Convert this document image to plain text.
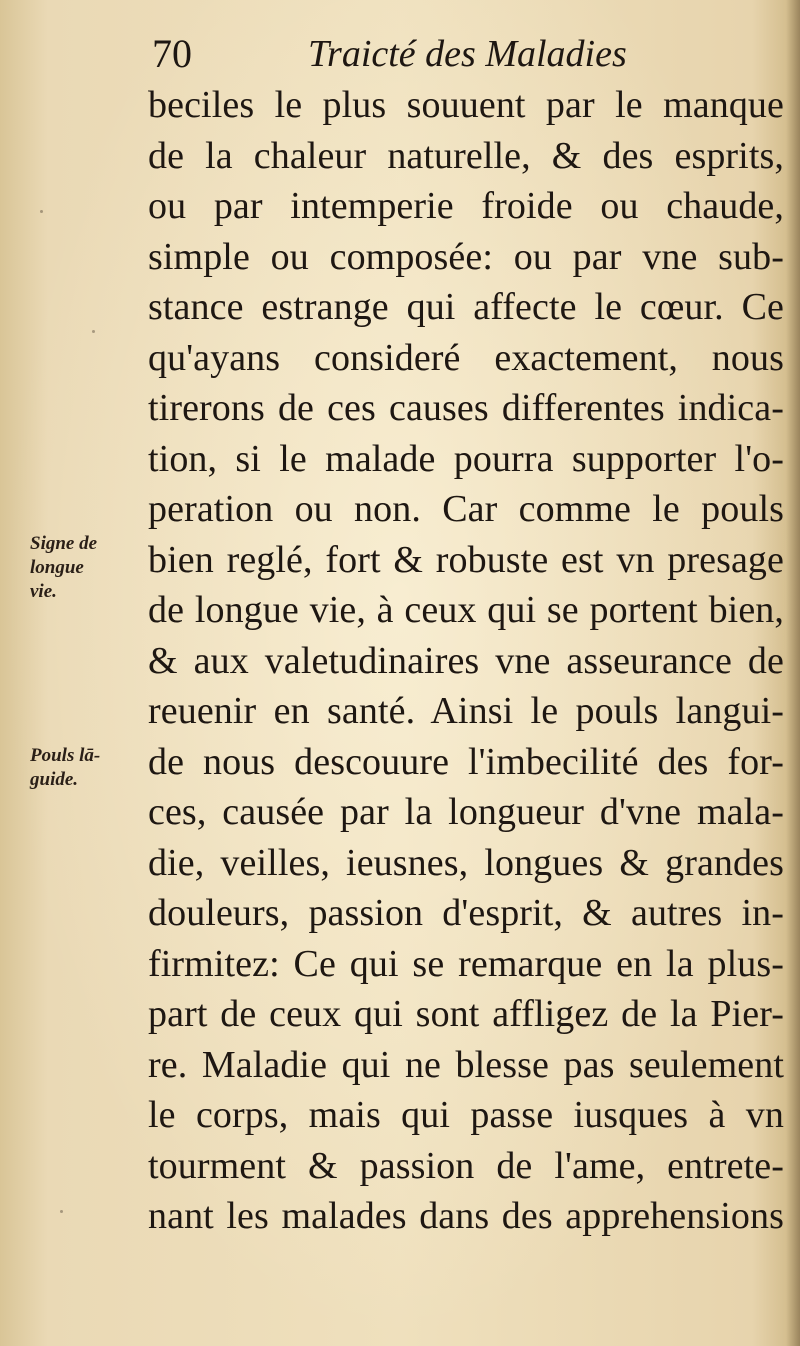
70	Traicté des Maladies
Signe de
longue
vie.
Pouls lā-
guide.
beciles le plus souuent par le manque
de la chaleur naturelle, & des esprits,
ou par intemperie froide ou chaude,
simple ou composée: ou par vne sub-
stance estrange qui affecte le cœur. Ce
qu'ayans consideré exactement, nous
tirerons de ces causes differentes indica-
tion, si le malade pourra supporter l'o-
peration ou non. Car comme le pouls
bien reglé, fort & robuste est vn presage
de longue vie, à ceux qui se portent bien,
& aux valetudinaires vne asseurance de
reuenir en santé. Ainsi le pouls langui-
de nous descouure l'imbecilité des for-
ces, causée par la longueur d'vne mala-
die, veilles, ieusnes, longues & grandes
douleurs, passion d'esprit, & autres in-
firmitez: Ce qui se remarque en la plus-
part de ceux qui sont affligez de la Pier-
re. Maladie qui ne blesse pas seulement
le corps, mais qui passe iusques à vn
tourment & passion de l'ame, entrete-
nant les malades dans des apprehensions
